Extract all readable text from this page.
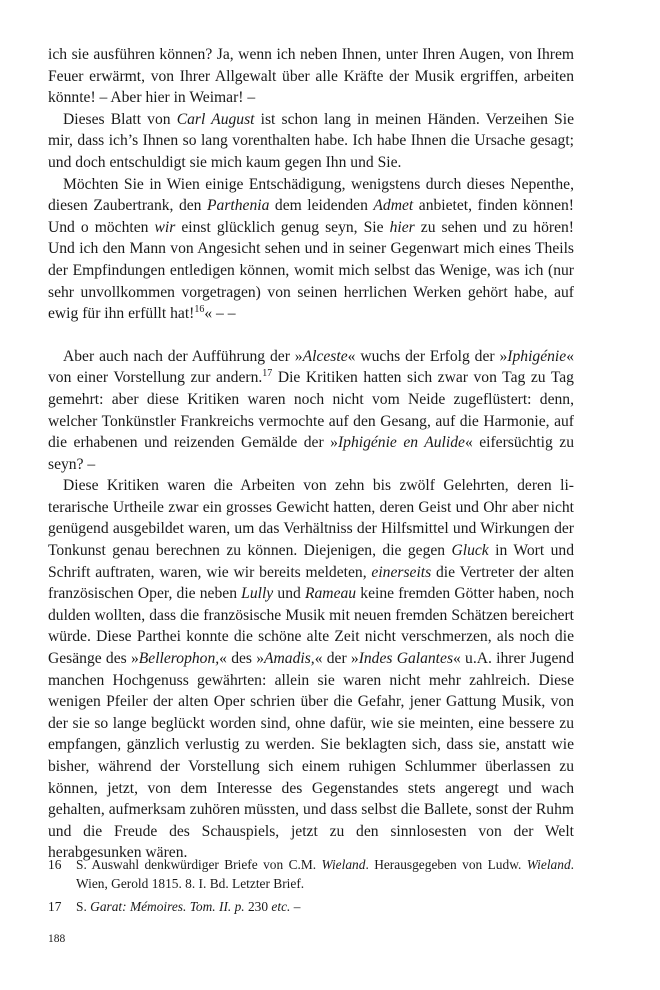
ich sie ausführen können? Ja, wenn ich neben Ihnen, unter Ihren Augen, von Ihrem Feuer erwärmt, von Ihrer Allgewalt über alle Kräfte der Musik ergriffen, arbeiten könnte! – Aber hier in Weimar! –

Dieses Blatt von Carl August ist schon lang in meinen Händen. Verzeihen Sie mir, dass ich’s Ihnen so lang vorenthalten habe. Ich habe Ihnen die Ursache gesagt; und doch entschuldigt sie mich kaum gegen Ihn und Sie.

Möchten Sie in Wien einige Entschädigung, wenigstens durch dieses Nepenthe, diesen Zaubertrank, den Parthenia dem leidenden Admet anbietet, finden können! Und o möchten wir einst glücklich genug seyn, Sie hier zu sehen und zu hören! Und ich den Mann von Angesicht sehen und in seiner Gegenwart mich eines Theils der Empfindungen entledigen können, womit mich selbst das Wenige, was ich (nur sehr unvollkommen vorgetragen) von seinen herrlichen Werken gehört habe, auf ewig für ihn erfüllt hat!$^{16}$« – –

Aber auch nach der Aufführung der »Alceste« wuchs der Erfolg der »Iphigénie« von einer Vorstellung zur andern.$^{17}$ Die Kritiken hatten sich zwar von Tag zu Tag gemehrt: aber diese Kritiken waren noch nicht vom Neide zugeflüstert: denn, welcher Tonkünstler Frankreichs vermochte auf den Gesang, auf die Harmonie, auf die erhabenen und reizenden Gemälde der »Iphigénie en Aulide« eifersüchtig zu seyn? –

Diese Kritiken waren die Arbeiten von zehn bis zwölf Gelehrten, deren literarische Urtheile zwar ein grosses Gewicht hatten, deren Geist und Ohr aber nicht genügend ausgebildet waren, um das Verhältniss der Hilfsmittel und Wirkungen der Tonkunst genau berechnen zu können. Diejenigen, die gegen Gluck in Wort und Schrift auftraten, waren, wie wir bereits meldeten, einerseits die Vertreter der alten französischen Oper, die neben Lully und Rameau keine fremden Götter haben, noch dulden wollten, dass die französische Musik mit neuen fremden Schätzen bereichert würde. Diese Parthei konnte die schöne alte Zeit nicht verschmerzen, als noch die Gesänge des »Bellerophon,« des »Amadis,« der »Indes Galantes« u.A. ihrer Jugend manchen Hochgenuss gewährten: allein sie waren nicht mehr zahlreich. Diese wenigen Pfeiler der alten Oper schrien über die Gefahr, jener Gattung Musik, von der sie so lange beglückt worden sind, ohne dafür, wie sie meinten, eine bessere zu empfangen, gänzlich verlustig zu werden. Sie beklagten sich, dass sie, anstatt wie bisher, während der Vorstellung sich einem ruhigen Schlummer überlassen zu können, jetzt, von dem Interesse des Gegenstandes stets angeregt und wach gehalten, aufmerksam zuhören müssten, und dass selbst die Ballete, sonst der Ruhm und die Freude des Schauspiels, jetzt zu den sinnlosesten von der Welt herabgesunken wären.

16	S. Auswahl denkwürdiger Briefe von C.M. Wieland. Herausgegeben von Ludw. Wieland. Wien, Gerold 1815. 8. I. Bd. Letzter Brief.
17	S. Garat: Mémoires. Tom. II. p. 230 etc. –
188
